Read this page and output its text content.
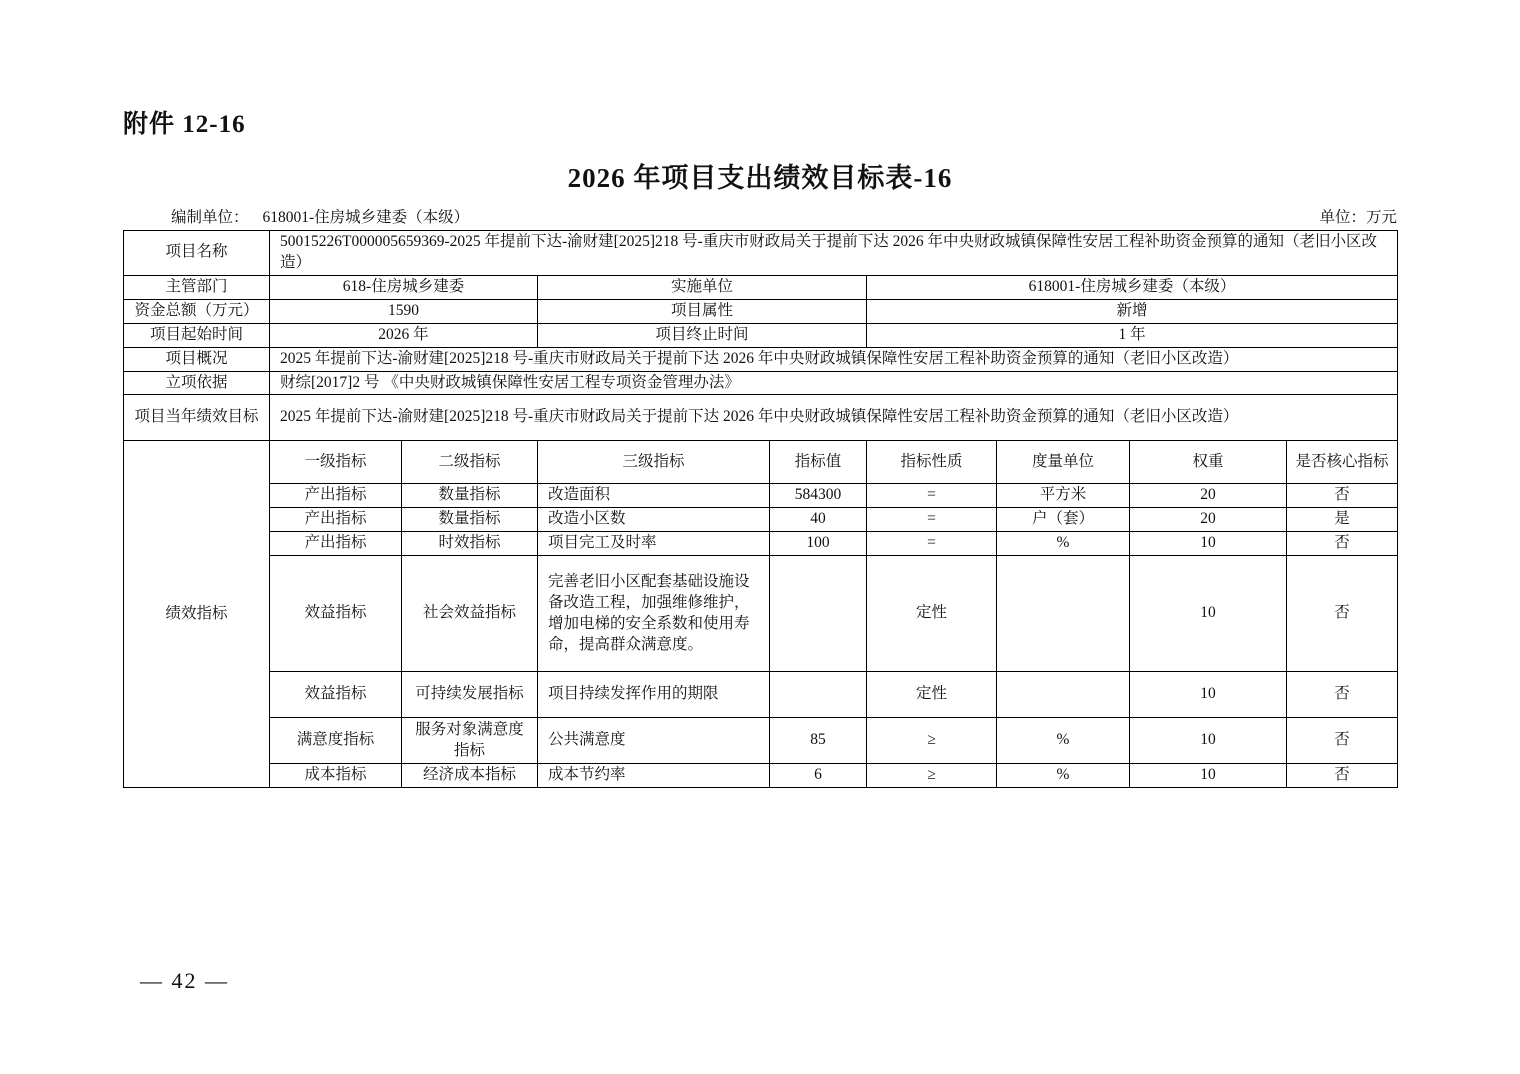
附件 12-16
2026 年项目支出绩效目标表-16
编制单位： 618001-住房城乡建委（本级）	单位：万元
项目名称	50015226T000005659369-2025 年提前下达-渝财建[2025]218 号-重庆市财政局关于提前下达 2026 年中央财政城镇保障性安居工程补助资金预算的通知（老旧小区改造）							
主管部门	618-住房城乡建委		实施单位		618001-住房城乡建委（本级）			
资金总额（万元）	1590		项目属性		新增			
项目起始时间	2026 年		项目终止时间		1 年			
项目概况	2025 年提前下达-渝财建[2025]218 号-重庆市财政局关于提前下达 2026 年中央财政城镇保障性安居工程补助资金预算的通知（老旧小区改造）							
立项依据	财综[2017]2 号 《中央财政城镇保障性安居工程专项资金管理办法》							
项目当年绩效目标	2025 年提前下达-渝财建[2025]218 号-重庆市财政局关于提前下达 2026 年中央财政城镇保障性安居工程补助资金预算的通知（老旧小区改造）							
绩效指标	一级指标	二级指标	三级指标	指标值	指标性质	度量单位	权重	是否核心指标
	产出指标	数量指标	改造面积	584300	=	平方米	20	否
	产出指标	数量指标	改造小区数	40	=	户（套）	20	是
	产出指标	时效指标	项目完工及时率	100	=	%	10	否
	效益指标	社会效益指标	完善老旧小区配套基础设施设备改造工程，加强维修维护，增加电梯的安全系数和使用寿命，提高群众满意度。		定性		10	否
	效益指标	可持续发展指标	项目持续发挥作用的期限		定性		10	否
	满意度指标	服务对象满意度指标	公共满意度	85	≥	%	10	否
	成本指标	经济成本指标	成本节约率	6	≥	%	10	否
— 42 —
